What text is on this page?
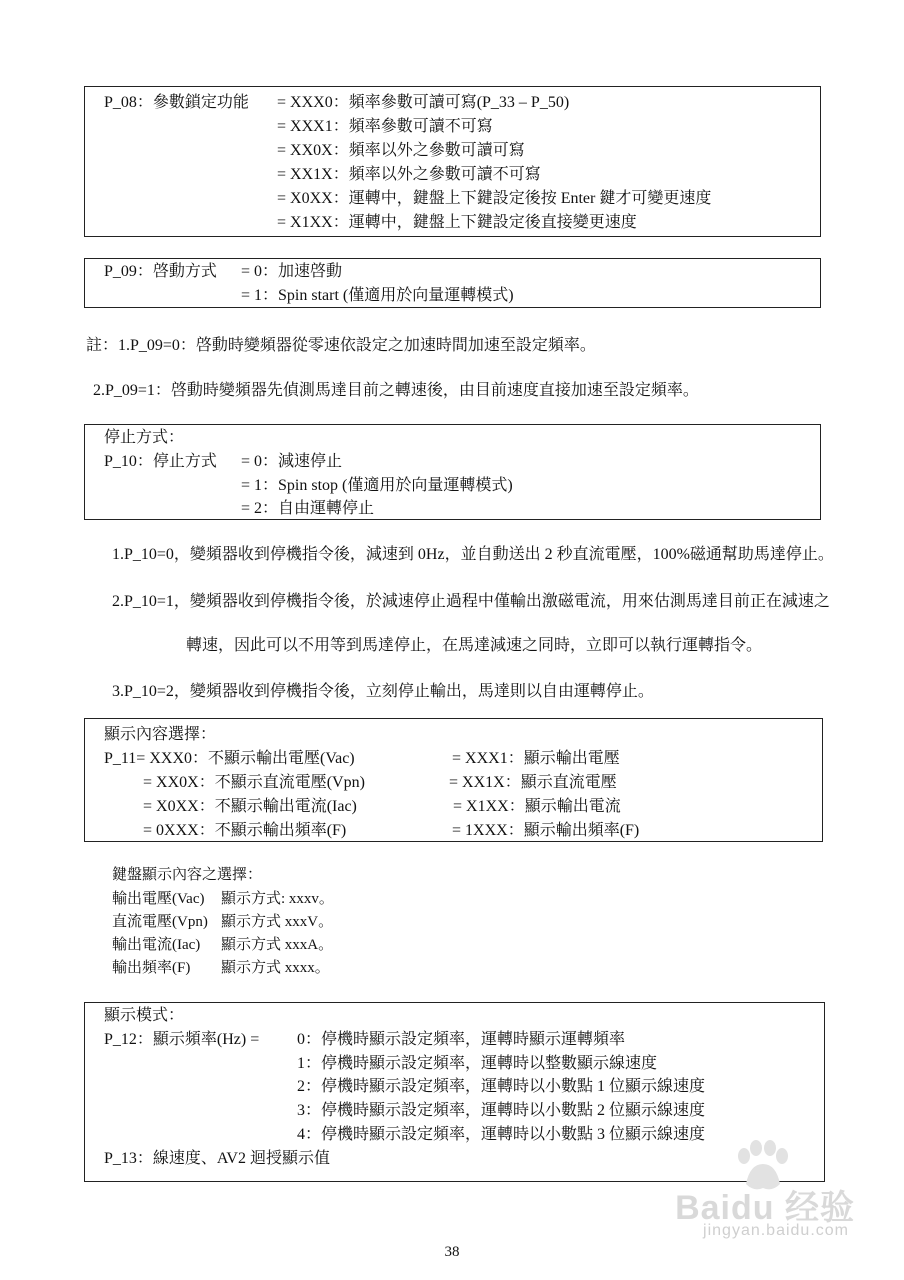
P_08：參數鎖定功能 = XXX0：頻率參數可讀可寫(P_33 – P_50)
= XXX1：頻率參數可讀不可寫
= XX0X：頻率以外之參數可讀可寫
= XX1X：頻率以外之參數可讀不可寫
= X0XX：運轉中，鍵盤上下鍵設定後按 Enter 鍵才可變更速度
= X1XX：運轉中，鍵盤上下鍵設定後直接變更速度
P_09：啓動方式 = 0：加速啓動
= 1：Spin start (僅適用於向量運轉模式)
註：1.P_09=0：啓動時變頻器從零速依設定之加速時間加速至設定頻率。
2.P_09=1：啓動時變頻器先偵測馬達目前之轉速後，由目前速度直接加速至設定頻率。
停止方式：
P_10：停止方式 = 0：減速停止
= 1：Spin stop (僅適用於向量運轉模式)
= 2：自由運轉停止
1.P_10=0，變頻器收到停機指令後，減速到 0Hz，並自動送出 2 秒直流電壓，100%磁通幫助馬達停止。
2.P_10=1，變頻器收到停機指令後，於減速停止過程中僅輸出激磁電流，用來估測馬達目前正在減速之
轉速，因此可以不用等到馬達停止，在馬達減速之同時，立即可以執行運轉指令。
3.P_10=2，變頻器收到停機指令後，立刻停止輸出，馬達則以自由運轉停止。
顯示內容選擇：
P_11= XXX0：不顯示輸出電壓(Vac)
= XX0X：不顯示直流電壓(Vpn)
= X0XX：不顯示輸出電流(Iac)
= 0XXX：不顯示輸出頻率(F)
= XXX1：顯示輸出電壓
= XX1X：顯示直流電壓
= X1XX：顯示輸出電流
= 1XXX：顯示輸出頻率(F)
鍵盤顯示內容之選擇：
輸出電壓(Vac) 顯示方式: xxxv。
直流電壓(Vpn) 顯示方式 xxxV。
輸出電流(Iac) 顯示方式 xxxA。
輸出頻率(F) 顯示方式 xxxx。
顯示模式：
P_12：顯示頻率(Hz) = 0：停機時顯示設定頻率，運轉時顯示運轉頻率
1：停機時顯示設定頻率，運轉時以整數顯示線速度
2：停機時顯示設定頻率，運轉時以小數點 1 位顯示線速度
3：停機時顯示設定頻率，運轉時以小數點 2 位顯示線速度
4：停機時顯示設定頻率，運轉時以小數點 3 位顯示線速度
P_13：線速度、AV2 迴授顯示值
Baidu 经验
jingyan.baidu.com
38
